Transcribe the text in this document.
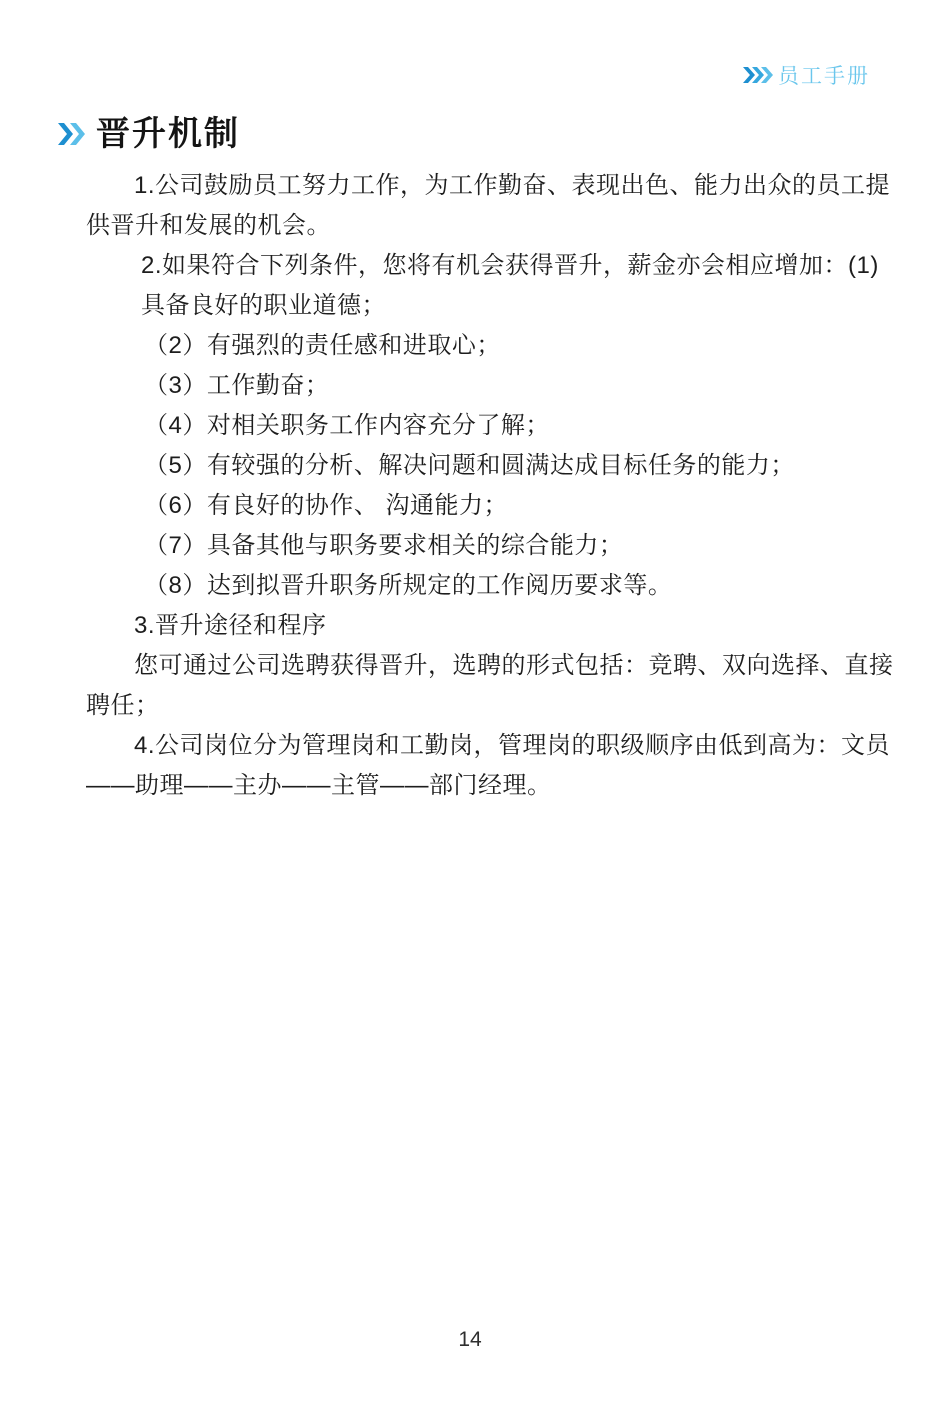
员工手册
晋升机制
1.公司鼓励员工努力工作，为工作勤奋、表现出色、能力出众的员工提
供晋升和发展的机会。
2.如果符合下列条件，您将有机会获得晋升，薪金亦会相应增加：(1)
具备良好的职业道德；
（2）有强烈的责任感和进取心；
（3）工作勤奋；
（4）对相关职务工作内容充分了解；
（5）有较强的分析、解决问题和圆满达成目标任务的能力；
（6）有良好的协作、 沟通能力；
（7）具备其他与职务要求相关的综合能力；
（8）达到拟晋升职务所规定的工作阅历要求等。
3.晋升途径和程序
您可通过公司选聘获得晋升，选聘的形式包括：竞聘、双向选择、直接
聘任；
4.公司岗位分为管理岗和工勤岗，管理岗的职级顺序由低到高为：文员
——助理——主办——主管——部门经理。
14
